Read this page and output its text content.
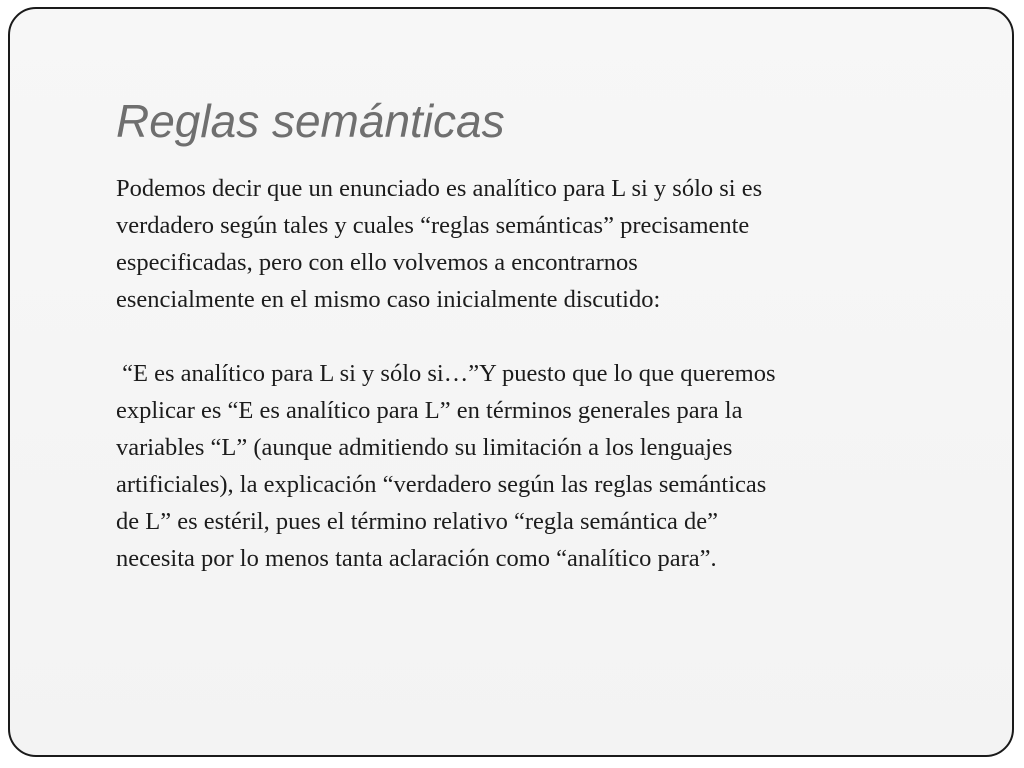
Reglas semánticas

Podemos decir que un enunciado es analítico para L si y sólo si es
verdadero según tales y cuales “reglas semánticas” precisamente
especificadas, pero con ello volvemos a encontrarnos
esencialmente en el mismo caso inicialmente discutido:

“E es analítico para L si y sólo si…”Y puesto que lo que queremos
explicar es “E es analítico para L” en términos generales para la
variables “L” (aunque admitiendo su limitación a los lenguajes
artificiales), la explicación “verdadero según las reglas semánticas
de L” es estéril, pues el término relativo “regla semántica de”
necesita por lo menos tanta aclaración como “analítico para”.
